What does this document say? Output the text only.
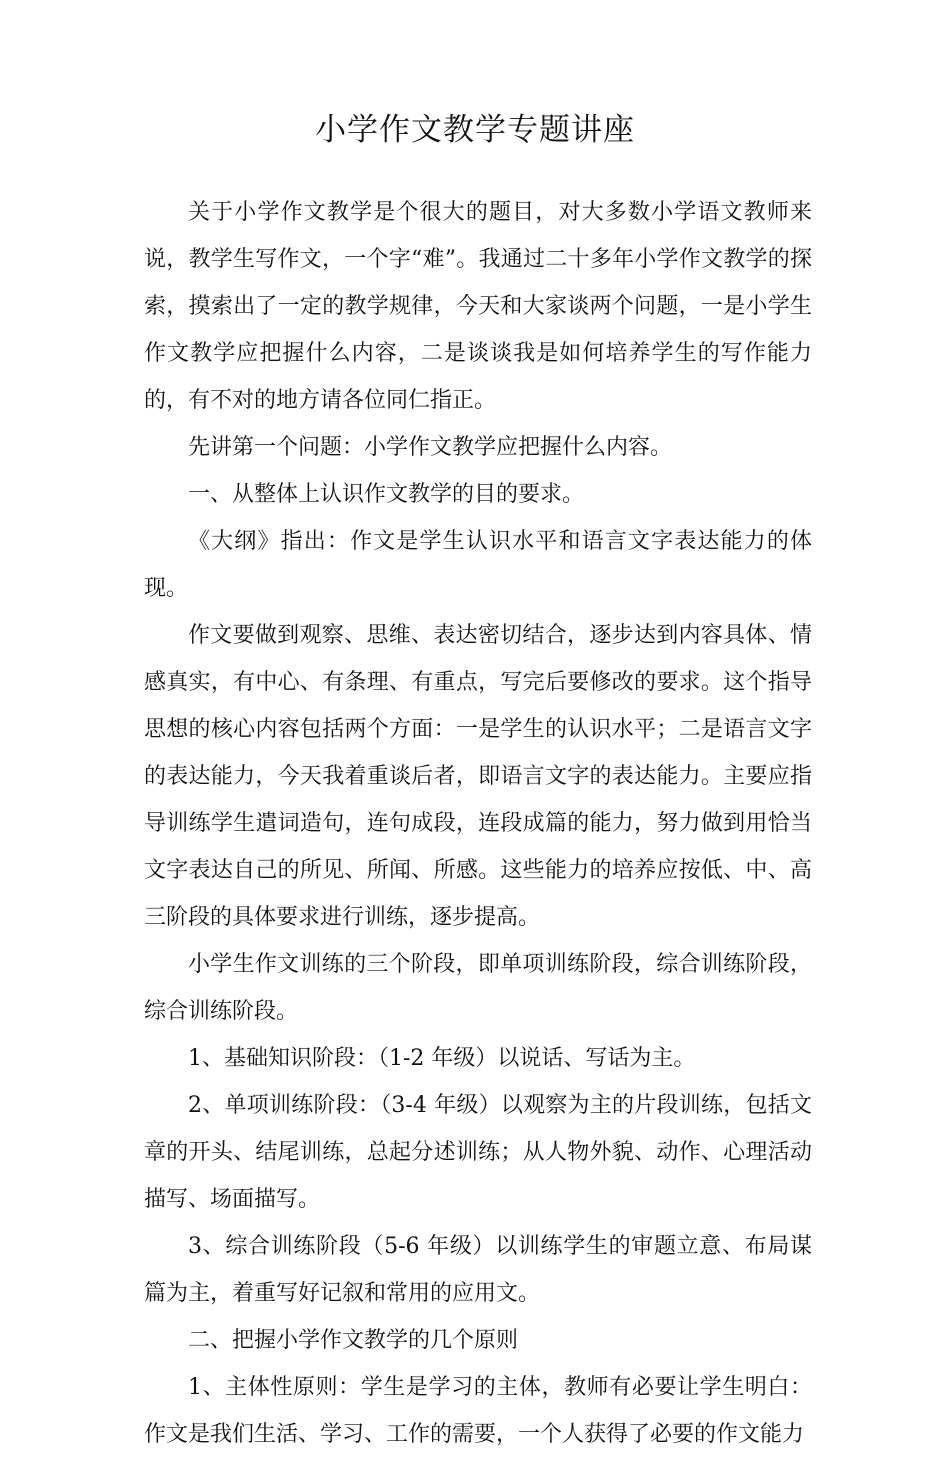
小学作文教学专题讲座

关于小学作文教学是个很大的题目，对大多数小学语文教师来说，教学生写作文，一个字“难”。我通过二十多年小学作文教学的探索，摸索出了一定的教学规律，今天和大家谈两个问题，一是小学生作文教学应把握什么内容，二是谈谈我是如何培养学生的写作能力的，有不对的地方请各位同仁指正。

先讲第一个问题：小学作文教学应把握什么内容。

一、从整体上认识作文教学的目的要求。

《大纲》指出：作文是学生认识水平和语言文字表达能力的体现。

作文要做到观察、思维、表达密切结合，逐步达到内容具体、情感真实，有中心、有条理、有重点，写完后要修改的要求。这个指导思想的核心内容包括两个方面：一是学生的认识水平；二是语言文字的表达能力，今天我着重谈后者，即语言文字的表达能力。主要应指导训练学生遣词造句，连句成段，连段成篇的能力，努力做到用恰当文字表达自己的所见、所闻、所感。这些能力的培养应按低、中、高三阶段的具体要求进行训练，逐步提高。

小学生作文训练的三个阶段，即单项训练阶段，综合训练阶段，综合训练阶段。

1、基础知识阶段：（1-2 年级）以说话、写话为主。

2、单项训练阶段：（3-4 年级）以观察为主的片段训练，包括文章的开头、结尾训练，总起分述训练；从人物外貌、动作、心理活动描写、场面描写。

3、综合训练阶段（5-6 年级）以训练学生的审题立意、布局谋篇为主，着重写好记叙和常用的应用文。

二、把握小学作文教学的几个原则

1、主体性原则：学生是学习的主体，教师有必要让学生明白：作文是我们生活、学习、工作的需要，一个人获得了必要的作文能力
